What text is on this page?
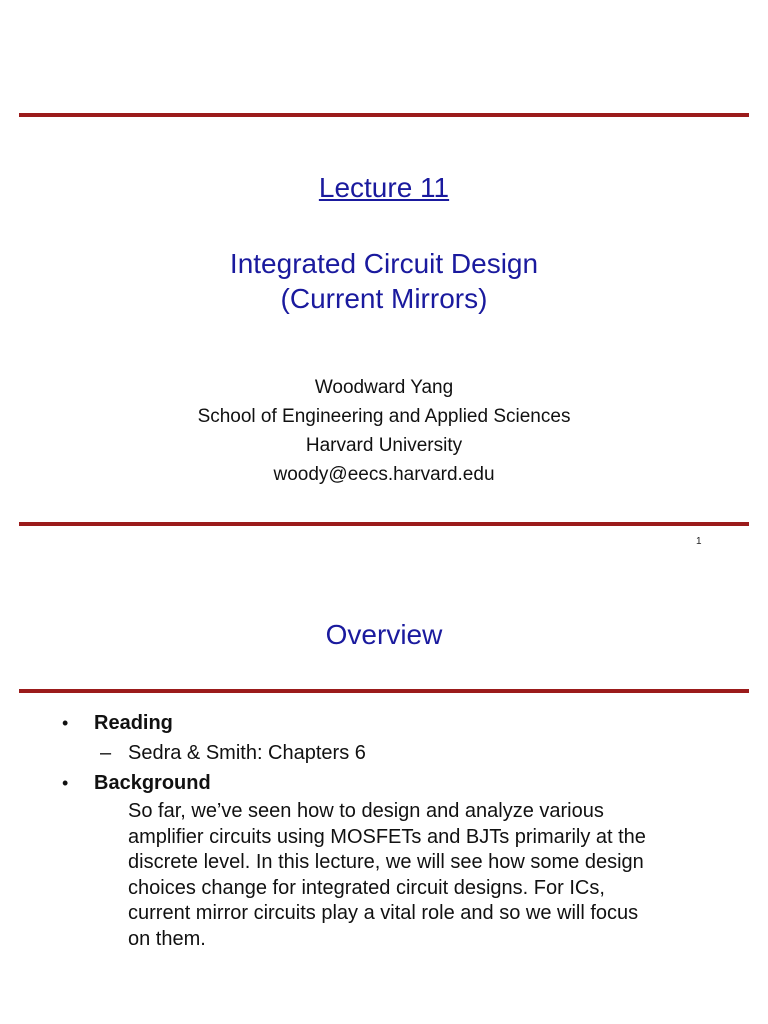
Lecture 11
Integrated Circuit Design
(Current Mirrors)
Woodward Yang
School of Engineering and Applied Sciences
Harvard University
woody@eecs.harvard.edu
1
Overview
• Reading
– Sedra & Smith: Chapters 6
• Background
So far, we’ve seen how to design and analyze various
amplifier circuits using MOSFETs and BJTs primarily at the
discrete level. In this lecture, we will see how some design
choices change for integrated circuit designs. For ICs,
current mirror circuits play a vital role and so we will focus
on them.
